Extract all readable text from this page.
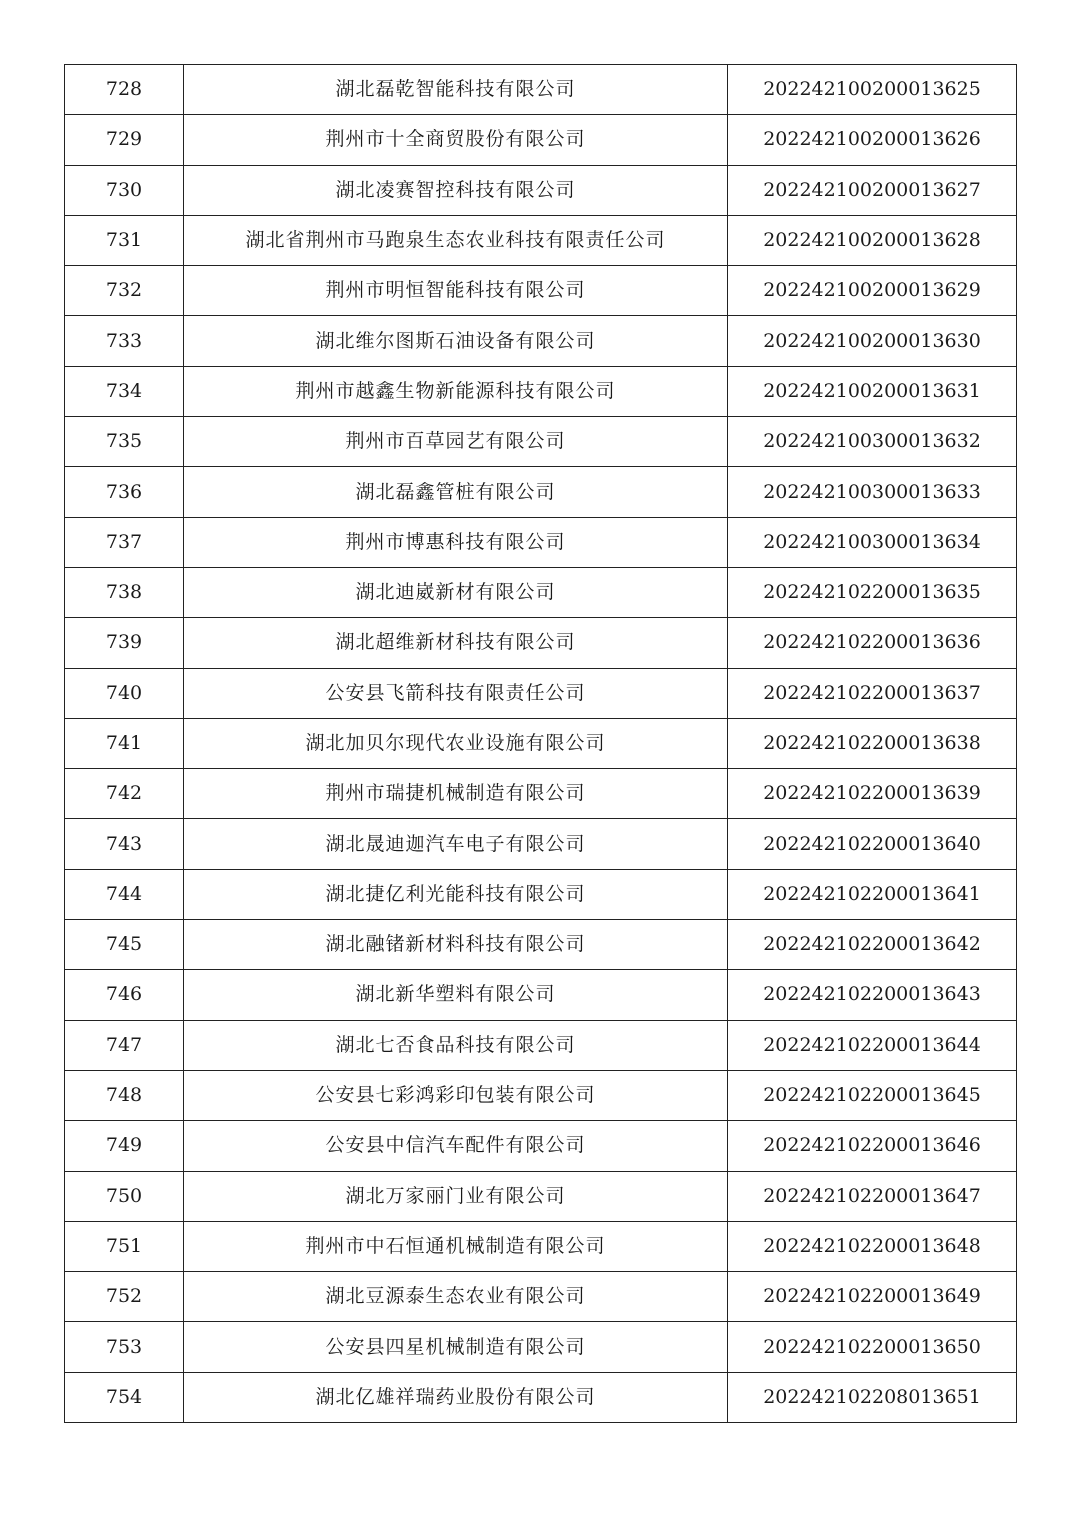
728	湖北磊乾智能科技有限公司	202242100200013625
729	荆州市十全商贸股份有限公司	202242100200013626
730	湖北凌赛智控科技有限公司	202242100200013627
731	湖北省荆州市马跑泉生态农业科技有限责任公司	202242100200013628
732	荆州市明恒智能科技有限公司	202242100200013629
733	湖北维尔图斯石油设备有限公司	202242100200013630
734	荆州市越鑫生物新能源科技有限公司	202242100200013631
735	荆州市百草园艺有限公司	202242100300013632
736	湖北磊鑫管桩有限公司	202242100300013633
737	荆州市博惠科技有限公司	202242100300013634
738	湖北迪崴新材有限公司	202242102200013635
739	湖北超维新材科技有限公司	202242102200013636
740	公安县飞箭科技有限责任公司	202242102200013637
741	湖北加贝尔现代农业设施有限公司	202242102200013638
742	荆州市瑞捷机械制造有限公司	202242102200013639
743	湖北晟迪迦汽车电子有限公司	202242102200013640
744	湖北捷亿利光能科技有限公司	202242102200013641
745	湖北融锗新材料科技有限公司	202242102200013642
746	湖北新华塑料有限公司	202242102200013643
747	湖北七否食品科技有限公司	202242102200013644
748	公安县七彩鸿彩印包装有限公司	202242102200013645
749	公安县中信汽车配件有限公司	202242102200013646
750	湖北万家丽门业有限公司	202242102200013647
751	荆州市中石恒通机械制造有限公司	202242102200013648
752	湖北豆源泰生态农业有限公司	202242102200013649
753	公安县四星机械制造有限公司	202242102200013650
754	湖北亿雄祥瑞药业股份有限公司	202242102208013651
